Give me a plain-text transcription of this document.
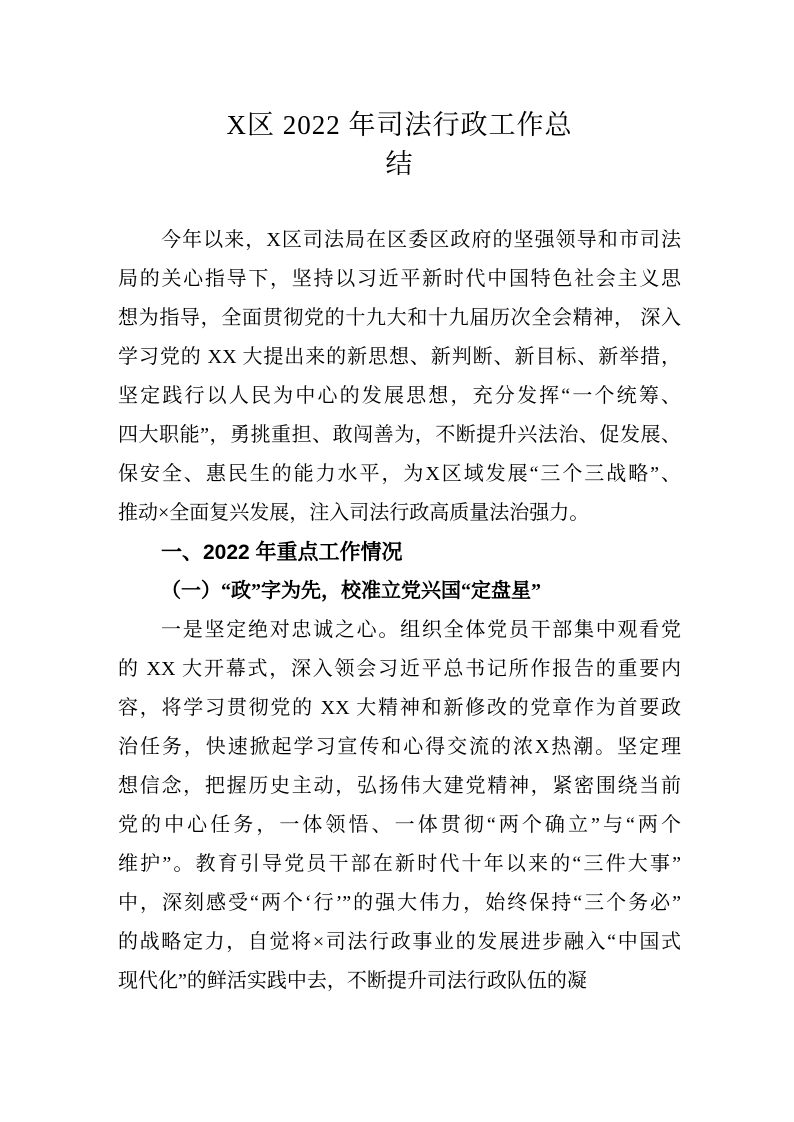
X区 2022 年司法行政工作总
结
今年以来，X区司法局在区委区政府的坚强领导和市司法
局的关心指导下，坚持以习近平新时代中国特色社会主义思
想为指导，全面贯彻党的十九大和十九届历次全会精神， 深入
学习党的 XX 大提出来的新思想、新判断、新目标、新举措，
坚定践行以人民为中心的发展思想，充分发挥“一个统筹、
四大职能”，勇挑重担、敢闯善为，不断提升兴法治、促发展、
保安全、惠民生的能力水平，为X区域发展“三个三战略”、
推动×全面复兴发展，注入司法行政高质量法治强力。
一、2022 年重点工作情况
（一）“政”字为先，校准立党兴国“定盘星”
一是坚定绝对忠诚之心。组织全体党员干部集中观看党
的 XX 大开幕式，深入领会习近平总书记所作报告的重要内
容，将学习贯彻党的 XX 大精神和新修改的党章作为首要政
治任务，快速掀起学习宣传和心得交流的浓X热潮。坚定理
想信念，把握历史主动，弘扬伟大建党精神，紧密围绕当前
党的中心任务，一体领悟、一体贯彻“两个确立”与“两个
维护”。教育引导党员干部在新时代十年以来的“三件大事”
中，深刻感受“两个‘行’”的强大伟力，始终保持“三个务必”
的战略定力，自觉将×司法行政事业的发展进步融入“中国式
现代化”的鲜活实践中去，不断提升司法行政队伍的凝
